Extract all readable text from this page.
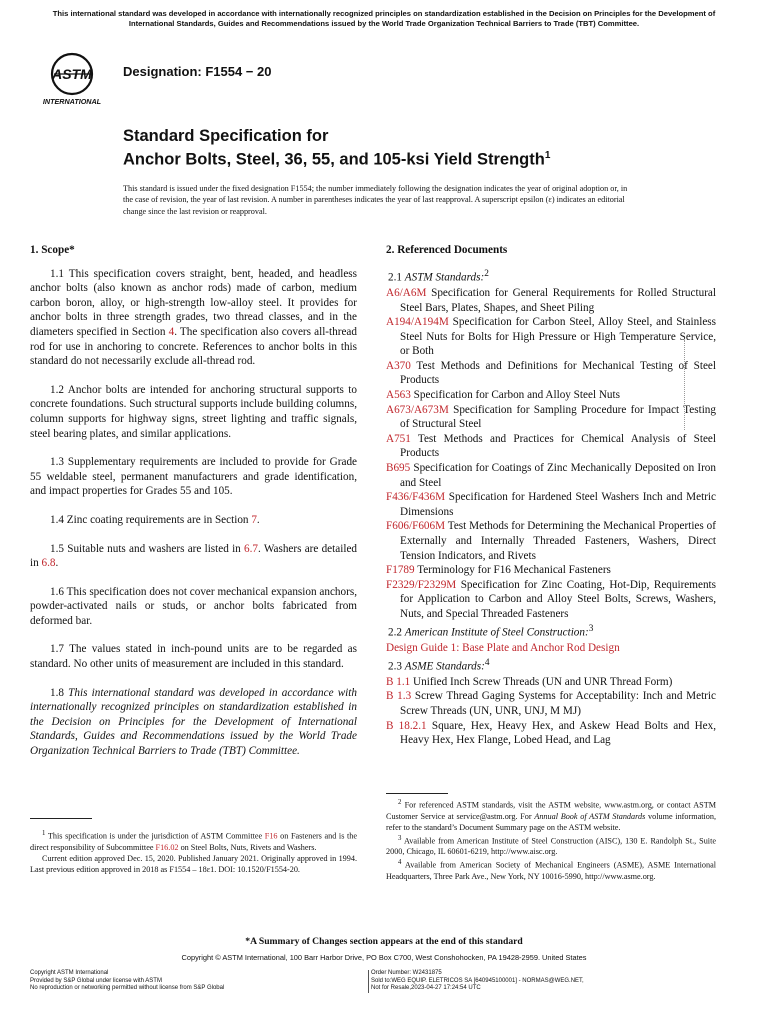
This international standard was developed in accordance with internationally recognized principles on standardization established in the Decision on Principles for the Development of International Standards, Guides and Recommendations issued by the World Trade Organization Technical Barriers to Trade (TBT) Committee.
ASTM
INTERNATIONAL
Designation: F1554 − 20
Standard Specification for
Anchor Bolts, Steel, 36, 55, and 105-ksi Yield Strength$^1$
This standard is issued under the fixed designation F1554; the number immediately following the designation indicates the year of original adoption or, in the case of revision, the year of last revision. A number in parentheses indicates the year of last reapproval. A superscript epsilon (ε) indicates an editorial change since the last revision or reapproval.
1. Scope*

1.1 This specification covers straight, bent, headed, and headless anchor bolts (also known as anchor rods) made of carbon, medium carbon boron, alloy, or high-strength low-alloy steel. It provides for anchor bolts in three strength grades, two thread classes, and in the diameters specified in Section 4. The specification also covers all-thread rod for use in anchoring to concrete. References to anchor bolts in this standard do not necessarily exclude all-thread rod.

1.2 Anchor bolts are intended for anchoring structural supports to concrete foundations. Such structural supports include building columns, column supports for highway signs, street lighting and traffic signals, steel bearing plates, and similar applications.

1.3 Supplementary requirements are included to provide for Grade 55 weldable steel, permanent manufacturers and grade identification, and impact properties for Grades 55 and 105.

1.4 Zinc coating requirements are in Section 7.

1.5 Suitable nuts and washers are listed in 6.7. Washers are detailed in 6.8.

1.6 This specification does not cover mechanical expansion anchors, powder-activated nails or studs, or anchor bolts fabricated from deformed bar.

1.7 The values stated in inch-pound units are to be regarded as standard. No other units of measurement are included in this standard.

1.8 This international standard was developed in accordance with internationally recognized principles on standardization established in the Decision on Principles for the Development of International Standards, Guides and Recommendations issued by the World Trade Organization Technical Barriers to Trade (TBT) Committee.

$^1$ This specification is under the jurisdiction of ASTM Committee F16 on Fasteners and is the direct responsibility of Subcommittee F16.02 on Steel Bolts, Nuts, Rivets and Washers.

Current edition approved Dec. 15, 2020. Published January 2021. Originally approved in 1994. Last previous edition approved in 2018 as F1554 – 18ε1. DOI: 10.1520/F1554-20.

2. Referenced Documents

2.1 ASTM Standards:$^2$

A6/A6M Specification for General Requirements for Rolled Structural Steel Bars, Plates, Shapes, and Sheet Piling

A194/A194M Specification for Carbon Steel, Alloy Steel, and Stainless Steel Nuts for Bolts for High Pressure or High Temperature Service, or Both

A370 Test Methods and Definitions for Mechanical Testing of Steel Products

A563 Specification for Carbon and Alloy Steel Nuts

A673/A673M Specification for Sampling Procedure for Impact Testing of Structural Steel

A751 Test Methods and Practices for Chemical Analysis of Steel Products

B695 Specification for Coatings of Zinc Mechanically Deposited on Iron and Steel

F436/F436M Specification for Hardened Steel Washers Inch and Metric Dimensions

F606/F606M Test Methods for Determining the Mechanical Properties of Externally and Internally Threaded Fasteners, Washers, Direct Tension Indicators, and Rivets

F1789 Terminology for F16 Mechanical Fasteners

F2329/F2329M Specification for Zinc Coating, Hot-Dip, Requirements for Application to Carbon and Alloy Steel Bolts, Screws, Washers, Nuts, and Special Threaded Fasteners

2.2 American Institute of Steel Construction:$^3$

Design Guide 1: Base Plate and Anchor Rod Design

2.3 ASME Standards:$^4$

B 1.1 Unified Inch Screw Threads (UN and UNR Thread Form)

B 1.3 Screw Thread Gaging Systems for Acceptability: Inch and Metric Screw Threads (UN, UNR, UNJ, M MJ)

B 18.2.1 Square, Hex, Heavy Hex, and Askew Head Bolts and Hex, Heavy Hex, Hex Flange, Lobed Head, and Lag

$^2$ For referenced ASTM standards, visit the ASTM website, www.astm.org, or contact ASTM Customer Service at service@astm.org. For Annual Book of ASTM Standards volume information, refer to the standard’s Document Summary page on the ASTM website.

$^3$ Available from American Institute of Steel Construction (AISC), 130 E. Randolph St., Suite 2000, Chicago, IL 60601-6219, http://www.aisc.org.

$^4$ Available from American Society of Mechanical Engineers (ASME), ASME International Headquarters, Three Park Ave., New York, NY 10016-5990, http://www.asme.org.

*A Summary of Changes section appears at the end of this standard
Copyright © ASTM International, 100 Barr Harbor Drive, PO Box C700, West Conshohocken, PA 19428-2959. United States
Copyright ASTM International
Provided by S&P Global under license with ASTM
No reproduction or networking permitted without license from S&P Global
Order Number: W2431875
Sold to:WEG EQUIP. ELETRICOS SA [640945100001] - NORMAS@WEG.NET,
Not for Resale,2023-04-27 17:24:54 UTC
